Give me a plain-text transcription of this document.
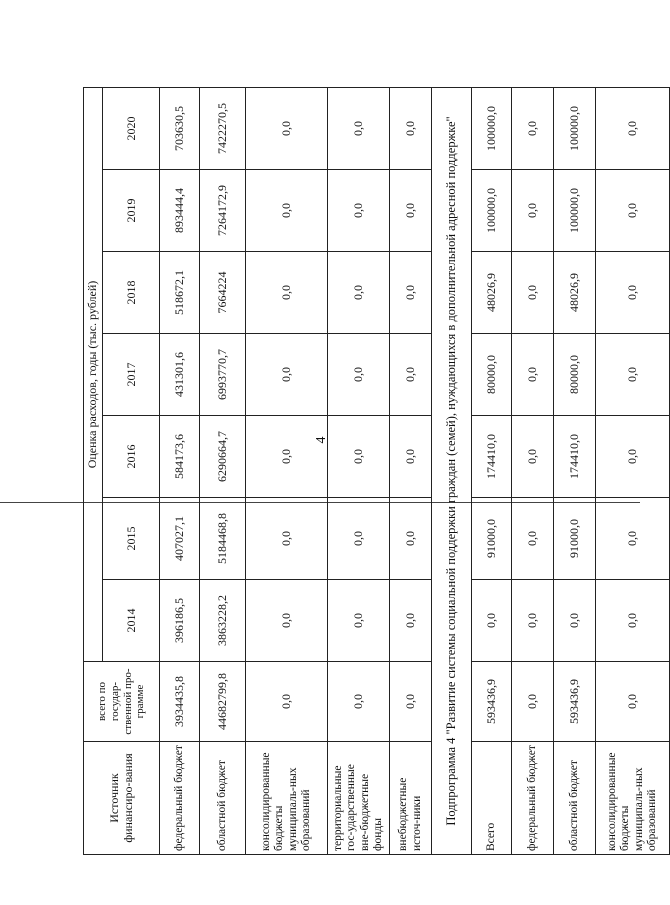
4
Источник финансиро-вания	всего по государ-ственной про-грамме	Оценка расходов, годы (тыс. рублей)						
		2014	2015	2016	2017	2018	2019	2020
федеральный бюджет	3934435,8	396186,5	407027,1	584173,6	431301,6	518672,1	893444,4	703630,5
областной бюджет	44682799,8	3863228,2	5184468,8	6290664,7	6993770,7	7664224	7264172,9	7422270,5
консолидированные бюджеты муниципаль-ных образований	0,0	0,0	0,0	0,0	0,0	0,0	0,0	0,0
территориальные гос-ударственные вне-бюджетные фонды	0,0	0,0	0,0	0,0	0,0	0,0	0,0	0,0
внебюджетные источ-ники	0,0	0,0	0,0	0,0	0,0	0,0	0,0	0,0
Подпрограмма 4 "Развитие системы социальной поддержки граждан (семей), нуждающихся в дополнительной адресной поддержке"								
Всего	593436,9	0,0	91000,0	174410,0	80000,0	48026,9	100000,0	100000,0
федеральный бюджет	0,0	0,0	0,0	0,0	0,0	0,0	0,0	0,0
областной бюджет	593436,9	0,0	91000,0	174410,0	80000,0	48026,9	100000,0	100000,0
консолидированные бюджеты муниципаль-ных образований	0,0	0,0	0,0	0,0	0,0	0,0	0,0	0,0
